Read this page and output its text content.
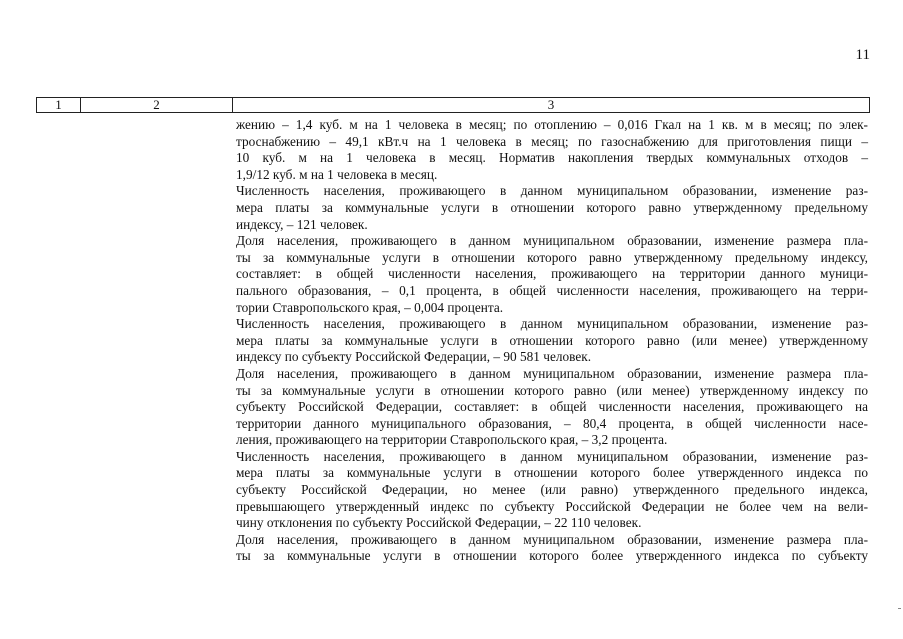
11
1	2	3

жению – 1,4 куб. м на 1 человека в месяц; по отоплению – 0,016 Гкал на 1 кв. м в месяц; по элек-
троснабжению – 49,1 кВт.ч на 1 человека в месяц; по газоснабжению для приготовления пищи –
10 куб. м на 1 человека в месяц. Норматив накопления твердых коммунальных отходов –
1,9/12 куб. м на 1 человека в месяц.

Численность населения, проживающего в данном муниципальном образовании, изменение раз-
мера платы за коммунальные услуги в отношении которого равно утвержденному предельному
индексу, – 121 человек.

Доля населения, проживающего в данном муниципальном образовании, изменение размера пла-
ты за коммунальные услуги в отношении которого равно утвержденному предельному индексу,
составляет: в общей численности населения, проживающего на территории данного муници-
пального образования, – 0,1 процента, в общей численности населения, проживающего на терри-
тории Ставропольского края, – 0,004 процента.

Численность населения, проживающего в данном муниципальном образовании, изменение раз-
мера платы за коммунальные услуги в отношении которого равно (или менее) утвержденному
индексу по субъекту Российской Федерации, – 90 581 человек.

Доля населения, проживающего в данном муниципальном образовании, изменение размера пла-
ты за коммунальные услуги в отношении которого равно (или менее) утвержденному индексу по
субъекту Российской Федерации, составляет: в общей численности населения, проживающего на
территории данного муниципального образования, – 80,4 процента, в общей численности насе-
ления, проживающего на территории Ставропольского края, – 3,2 процента.

Численность населения, проживающего в данном муниципальном образовании, изменение раз-
мера платы за коммунальные услуги в отношении которого более утвержденного индекса по
субъекту Российской Федерации, но менее (или равно) утвержденного предельного индекса,
превышающего утвержденный индекс по субъекту Российской Федерации не более чем на вели-
чину отклонения по субъекту Российской Федерации, – 22 110 человек.

Доля населения, проживающего в данном муниципальном образовании, изменение размера пла-
ты за коммунальные услуги в отношении которого более утвержденного индекса по субъекту
